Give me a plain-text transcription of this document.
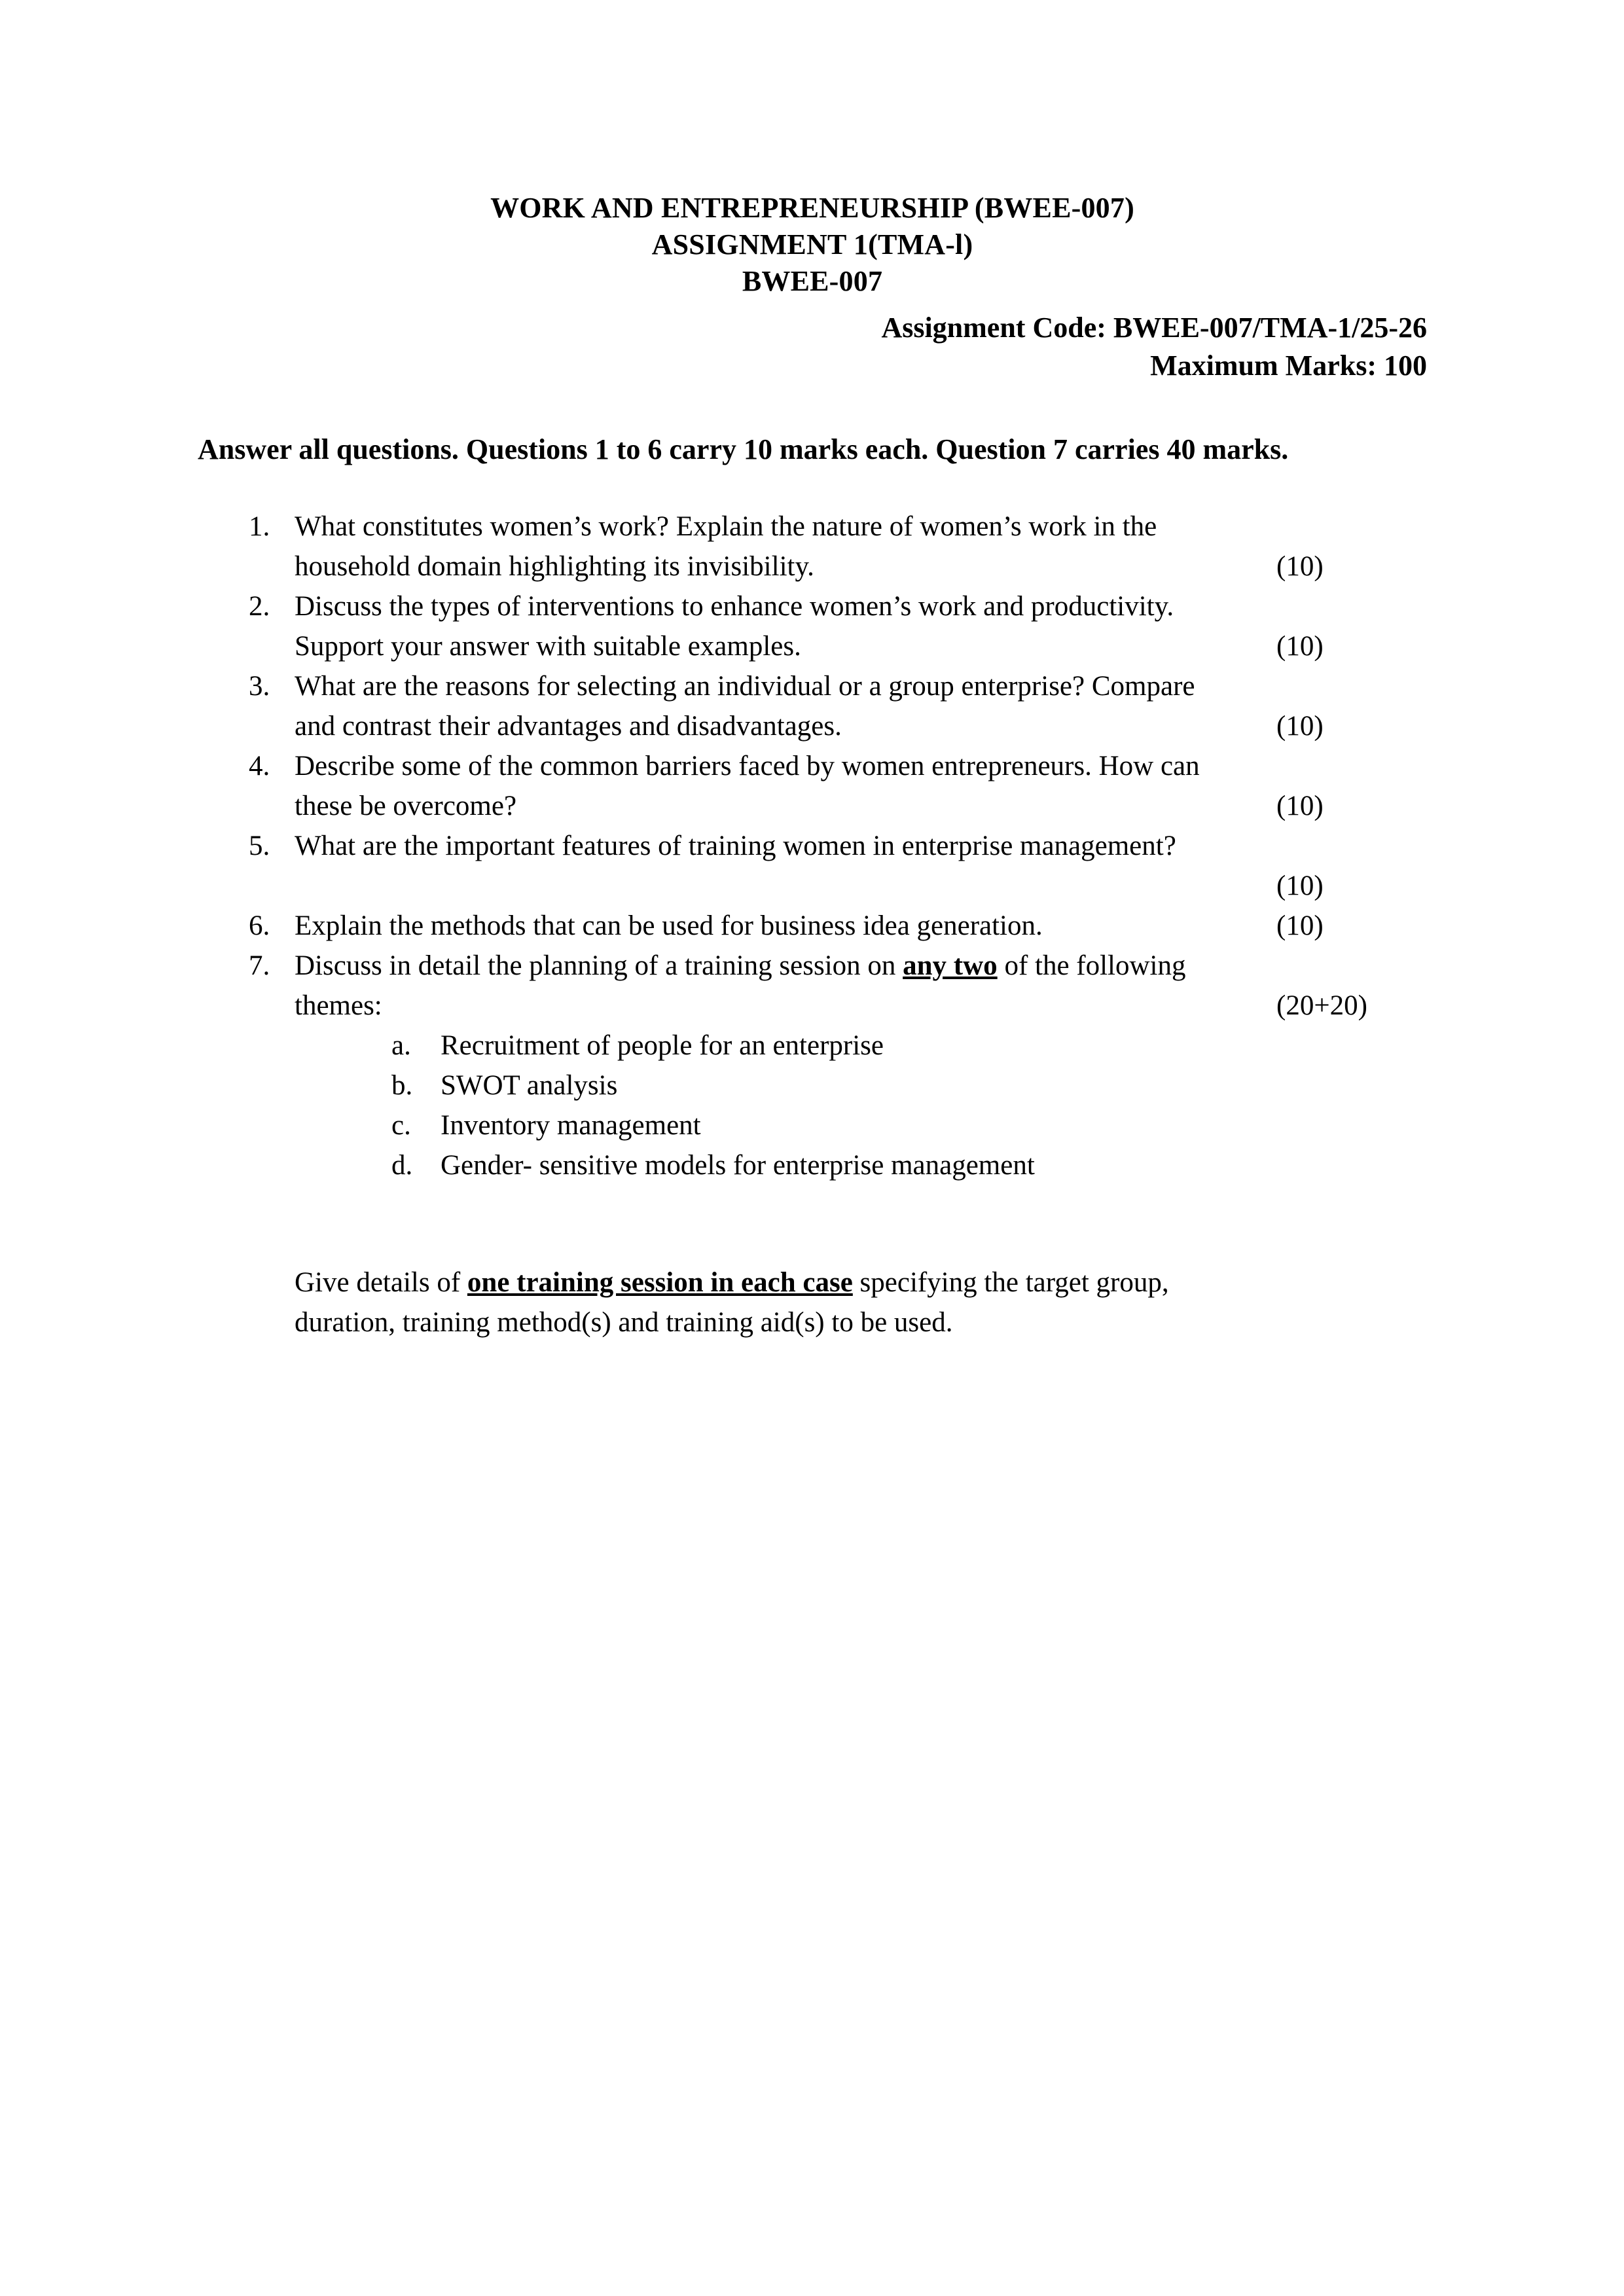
WORK AND ENTREPRENEURSHIP (BWEE-007)
ASSIGNMENT 1(TMA-l)
BWEE-007
Assignment Code: BWEE-007/TMA-1/25-26
Maximum Marks: 100

Answer all questions. Questions 1 to 6 carry 10 marks each. Question 7 carries 40 marks.

1. What constitutes women’s work? Explain the nature of women’s work in the
household domain highlighting its invisibility.	(10)
2. Discuss the types of interventions to enhance women’s work and productivity.
Support your answer with suitable examples.	(10)
3. What are the reasons for selecting an individual or a group enterprise? Compare
and contrast their advantages and disadvantages.	(10)
4. Describe some of the common barriers faced by women entrepreneurs. How can
these be overcome?	(10)
5. What are the important features of training women in enterprise management?
(10)
6. Explain the methods that can be used for business idea generation.	(10)
7. Discuss in detail the planning of a training session on any two of the following
themes:	(20+20)
a.	Recruitment of people for an enterprise
b. SWOT analysis
c.	Inventory management
d. Gender- sensitive models for enterprise management
Give details of one training session in each case specifying the target group,
duration, training method(s) and training aid(s) to be used.
